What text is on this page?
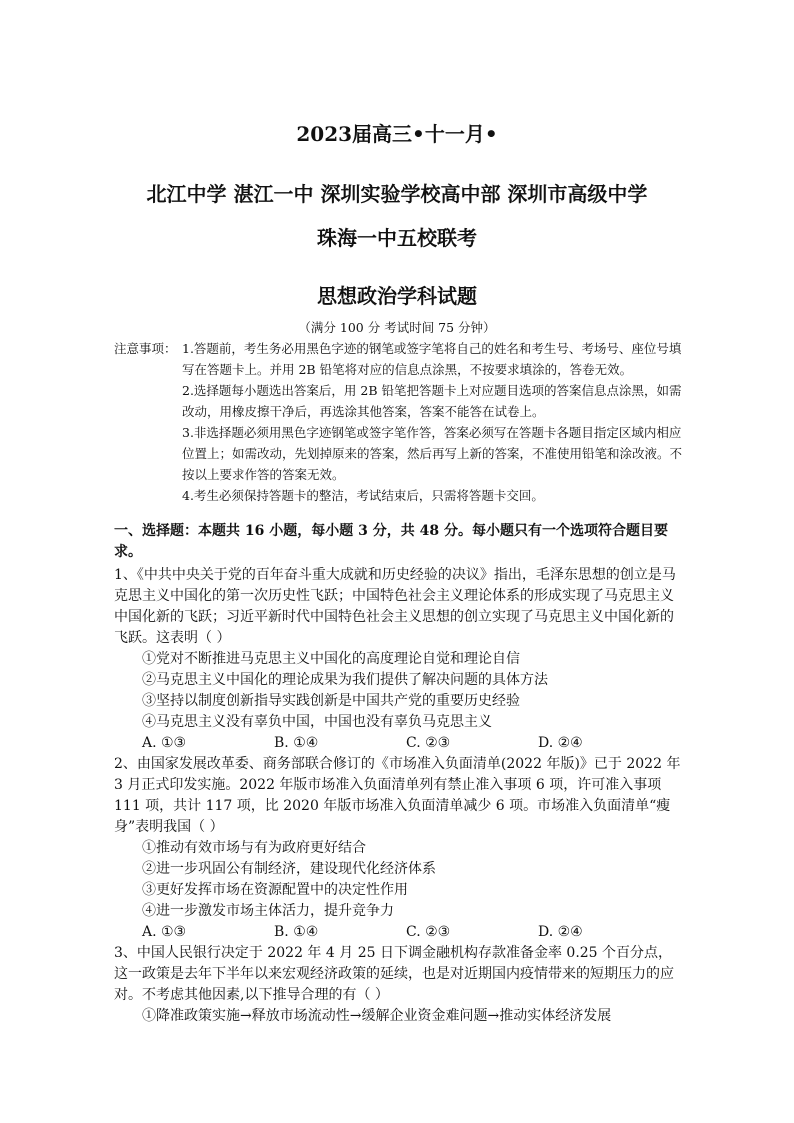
2023届高三•十一月•
北江中学 湛江一中 深圳实验学校高中部 深圳市高级中学
珠海一中五校联考
思想政治学科试题
（满分 100 分 考试时间 75 分钟）
注意事项： 1.答题前，考生务必用黑色字迹的钢笔或签字笔将自己的姓名和考生号、考场号、座位号填写在答题卡上。并用 2B 铅笔将对应的信息点涂黑，不按要求填涂的，答卷无效。

2.选择题每小题选出答案后，用 2B 铅笔把答题卡上对应题目选项的答案信息点涂黑，如需改动，用橡皮擦干净后，再选涂其他答案，答案不能答在试卷上。

3.非选择题必须用黑色字迹钢笔或签字笔作答，答案必须写在答题卡各题目指定区域内相应位置上；如需改动，先划掉原来的答案，然后再写上新的答案，不准使用铅笔和涂改液。不按以上要求作答的答案无效。

4.考生必须保持答题卡的整洁，考试结束后，只需将答题卡交回。

一、选择题：本题共 16 小题，每小题 3 分，共 48 分。每小题只有一个选项符合题目要求。

1、《中共中央关于党的百年奋斗重大成就和历史经验的决议》指出，毛泽东思想的创立是马克思主义中国化的第一次历史性飞跃；中国特色社会主义理论体系的形成实现了马克思主义中国化新的飞跃；习近平新时代中国特色社会主义思想的创立实现了马克思主义中国化新的飞跃。这表明（ ）

①党对不断推进马克思主义中国化的高度理论自觉和理论自信

②马克思主义中国化的理论成果为我们提供了解决问题的具体方法

③坚持以制度创新指导实践创新是中国共产党的重要历史经验

④马克思主义没有辜负中国，中国也没有辜负马克思主义

A. ①③	B. ①④	C. ②③	D. ②④

2、由国家发展改革委、商务部联合修订的《市场准入负面清单(2022 年版)》已于 2022 年 3 月正式印发实施。2022 年版市场准入负面清单列有禁止准入事项 6 项，许可准入事项 111 项，共计 117 项，比 2020 年版市场准入负面清单减少 6 项。市场准入负面清单“瘦身”表明我国（ ）

①推动有效市场与有为政府更好结合

②进一步巩固公有制经济，建设现代化经济体系

③更好发挥市场在资源配置中的决定性作用

④进一步激发市场主体活力，提升竞争力

A. ①③	B. ①④	C. ②③	D. ②④

3、中国人民银行决定于 2022 年 4 月 25 日下调金融机构存款准备金率 0.25 个百分点，这一政策是去年下半年以来宏观经济政策的延续，也是对近期国内疫情带来的短期压力的应对。不考虑其他因素,以下推导合理的有（ ）

①降准政策实施→释放市场流动性→缓解企业资金难问题→推动实体经济发展
